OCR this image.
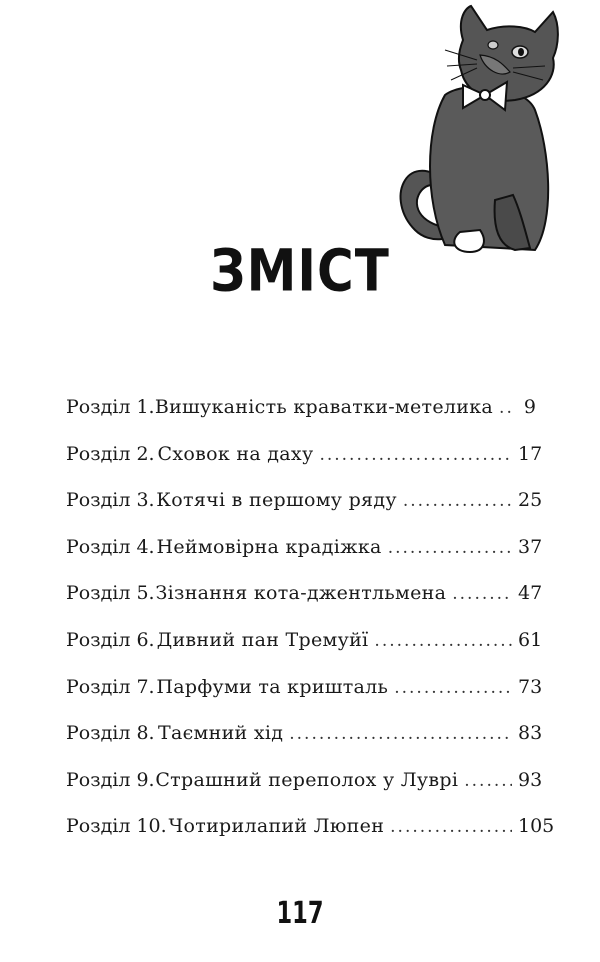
ЗМІСТ
Розділ 1. Вишуканість краватки-метелика .....	9
Розділ 2. Сховок на даху .....	17
Розділ 3. Котячі в першому ряду .....	25
Розділ 4. Неймовірна крадіжка .....	37
Розділ 5. Зізнання кота-джентльмена .....	47
Розділ 6. Дивний пан Тремуйї .....	61
Розділ 7. Парфуми та кришталь .....	73
Розділ 8. Таємний хід .....	83
Розділ 9. Страшний переполох у Луврі .....	93
Розділ 10. Чотирилапий Люпен .....	105
117
